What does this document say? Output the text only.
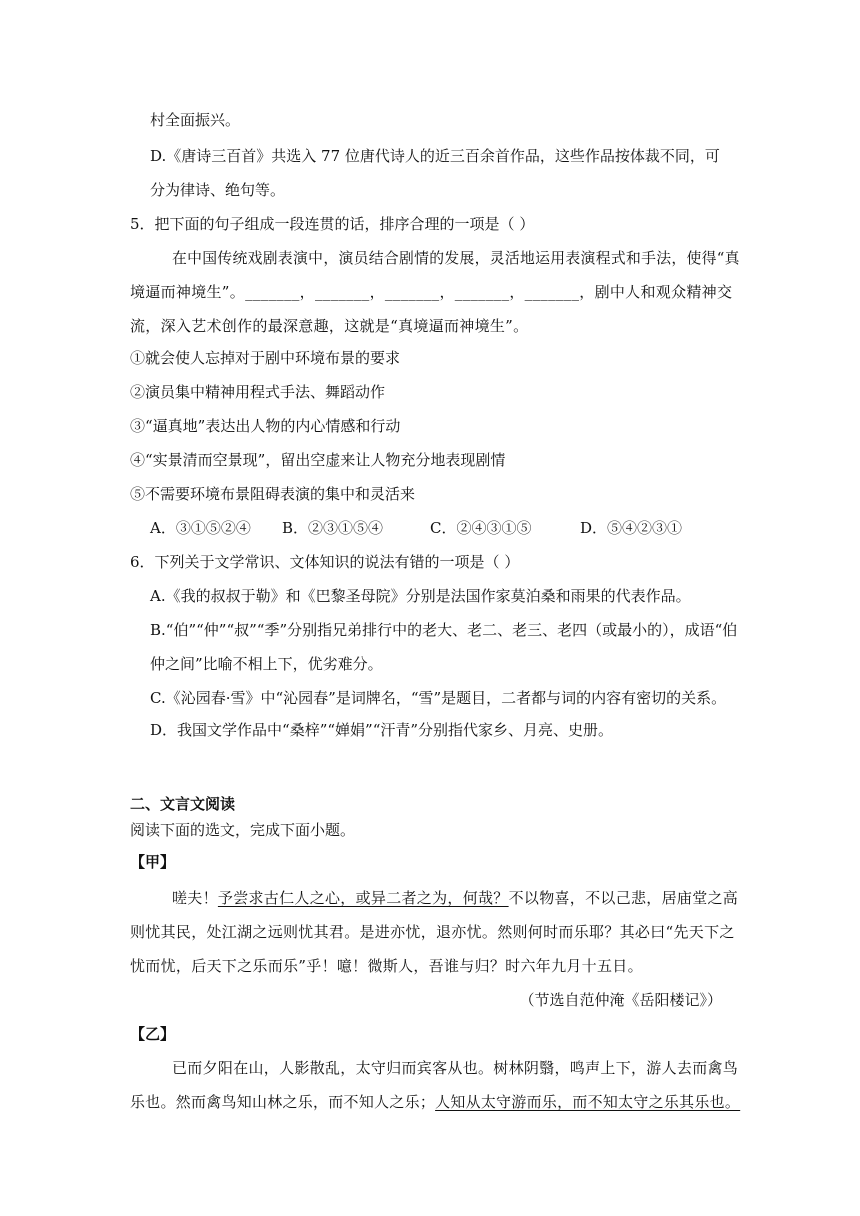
村全面振兴。
D.《唐诗三百首》共选入 77 位唐代诗人的近三百余首作品，这些作品按体裁不同，可
分为律诗、绝句等。
5．把下面的句子组成一段连贯的话，排序合理的一项是（ ）
在中国传统戏剧表演中，演员结合剧情的发展，灵活地运用表演程式和手法，使得“真
境逼而神境生”。_______，_______，_______，_______，_______，剧中人和观众精神交
流，深入艺术创作的最深意趣，这就是“真境逼而神境生”。
①就会使人忘掉对于剧中环境布景的要求
②演员集中精神用程式手法、舞蹈动作
③“逼真地”表达出人物的内心情感和行动
④“实景清而空景现”，留出空虚来让人物充分地表现剧情
⑤不需要环境布景阻碍表演的集中和灵活来
A．③①⑤②④ B．②③①⑤④	C．②④③①⑤	D．⑤④②③①
6．下列关于文学常识、文体知识的说法有错的一项是（ ）
A.《我的叔叔于勒》和《巴黎圣母院》分别是法国作家莫泊桑和雨果的代表作品。
B.“伯”“仲”“叔”“季”分别指兄弟排行中的老大、老二、老三、老四（或最小的），成语“伯
仲之间”比喻不相上下，优劣难分。
C.《沁园春·雪》中“沁园春”是词牌名，“雪”是题目，二者都与词的内容有密切的关系。
D．我国文学作品中“桑梓”“婵娟”“汗青”分别指代家乡、月亮、史册。
二、文言文阅读
阅读下面的选文，完成下面小题。
【甲】
嗟夫！予尝求古仁人之心，或异二者之为，何哉？不以物喜，不以己悲，居庙堂之高
则忧其民，处江湖之远则忧其君。是进亦忧，退亦忧。然则何时而乐耶？其必曰“先天下之
忧而忧，后天下之乐而乐”乎！噫！微斯人，吾谁与归？时六年九月十五日。
（节选自范仲淹《岳阳楼记》）
【乙】
已而夕阳在山，人影散乱，太守归而宾客从也。树林阴翳，鸣声上下，游人去而禽鸟
乐也。然而禽鸟知山林之乐，而不知人之乐；人知从太守游而乐，而不知太守之乐其乐也。
